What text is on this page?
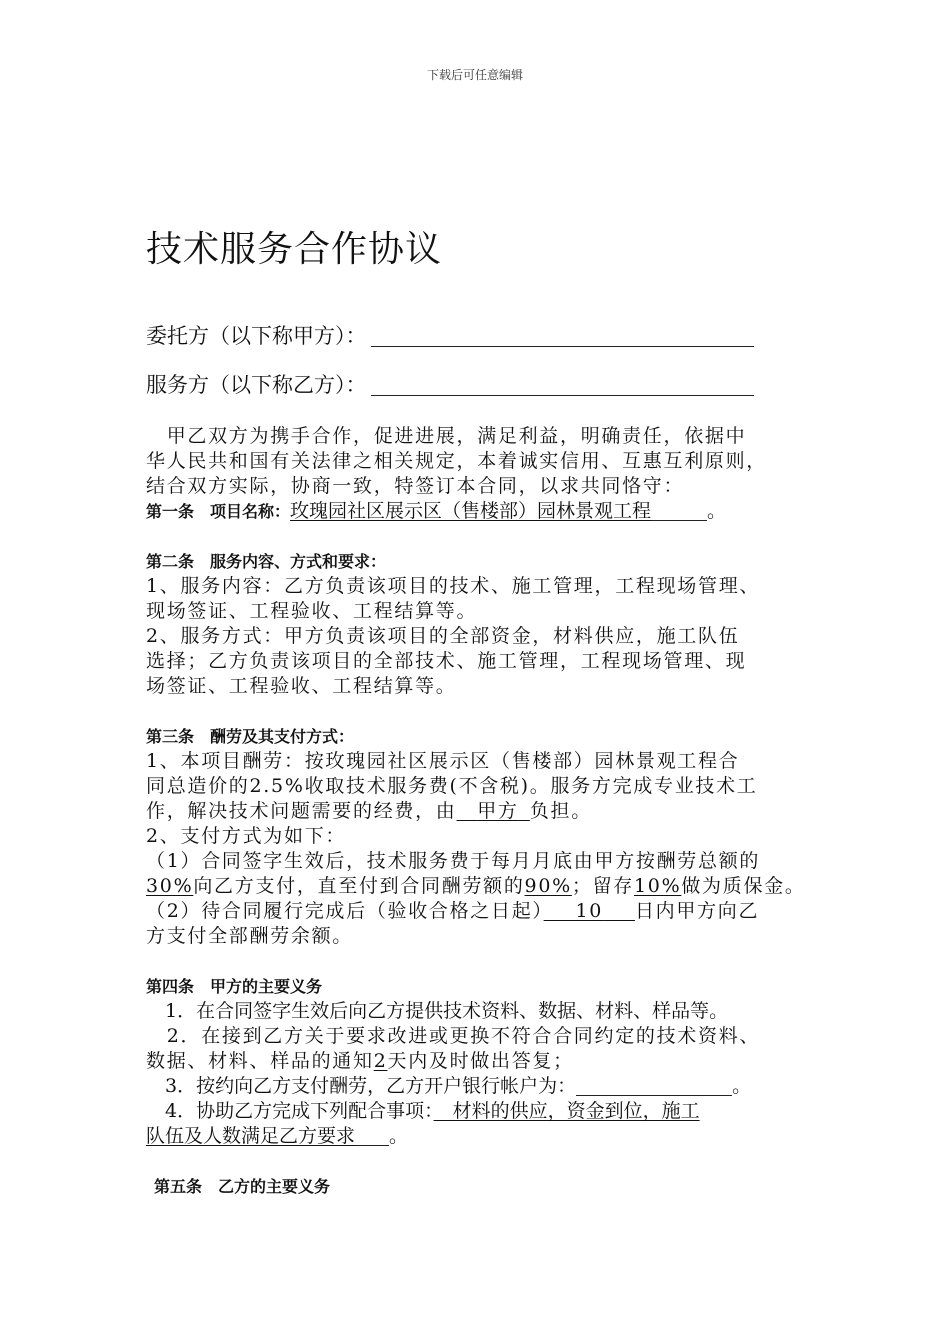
下载后可任意编辑
技术服务合作协议
委托方（以下称甲方）：
服务方（以下称乙方）：

　甲乙双方为携手合作，促进进展，满足利益，明确责任，依据中

华人民共和国有关法律之相关规定，本着诚实信用、互惠互利原则，

结合双方实际，协商一致，特签订本合同，以求共同恪守：

第一条　项目名称：玫瑰园社区展示区（售楼部）园林景观工程	。

第二条　服务内容、方式和要求：

1、服务内容：乙方负责该项目的技术、施工管理，工程现场管理、

现场签证、工程验收、工程结算等。

2、服务方式：甲方负责该项目的全部资金，材料供应，施工队伍

选择；乙方负责该项目的全部技术、施工管理，工程现场管理、现

场签证、工程验收、工程结算等。

第三条　酬劳及其支付方式：

1、本项目酬劳：按玫瑰园社区展示区（售楼部）园林景观工程合

同总造价的2.5%收取技术服务费(不含税)。服务方完成专业技术工

作，解决技术问题需要的经费，由　 甲方  负担。

2、支付方式为如下：

（1）合同签字生效后，技术服务费于每月月底由甲方按酬劳总额的

30%向乙方支付，直至付到合同酬劳额的90%；留存10%做为质保金。

（2）待合同履行完成后（验收合格之日起）　  10　  日内甲方向乙

方支付全部酬劳余额。

第四条　甲方的主要义务

　1．在合同签字生效后向乙方提供技术资料、数据、材料、样品等。

　2．在接到乙方关于要求改进或更换不符合合同约定的技术资料、

数据、材料、样品的通知2天内及时做出答复；

　3．按约向乙方支付酬劳，乙方开户银行帐户为：	。

　4．协助乙方完成下列配合事项：　材料的供应，资金到位，施工

队伍及人数满足乙方要求 。

第五条　乙方的主要义务
